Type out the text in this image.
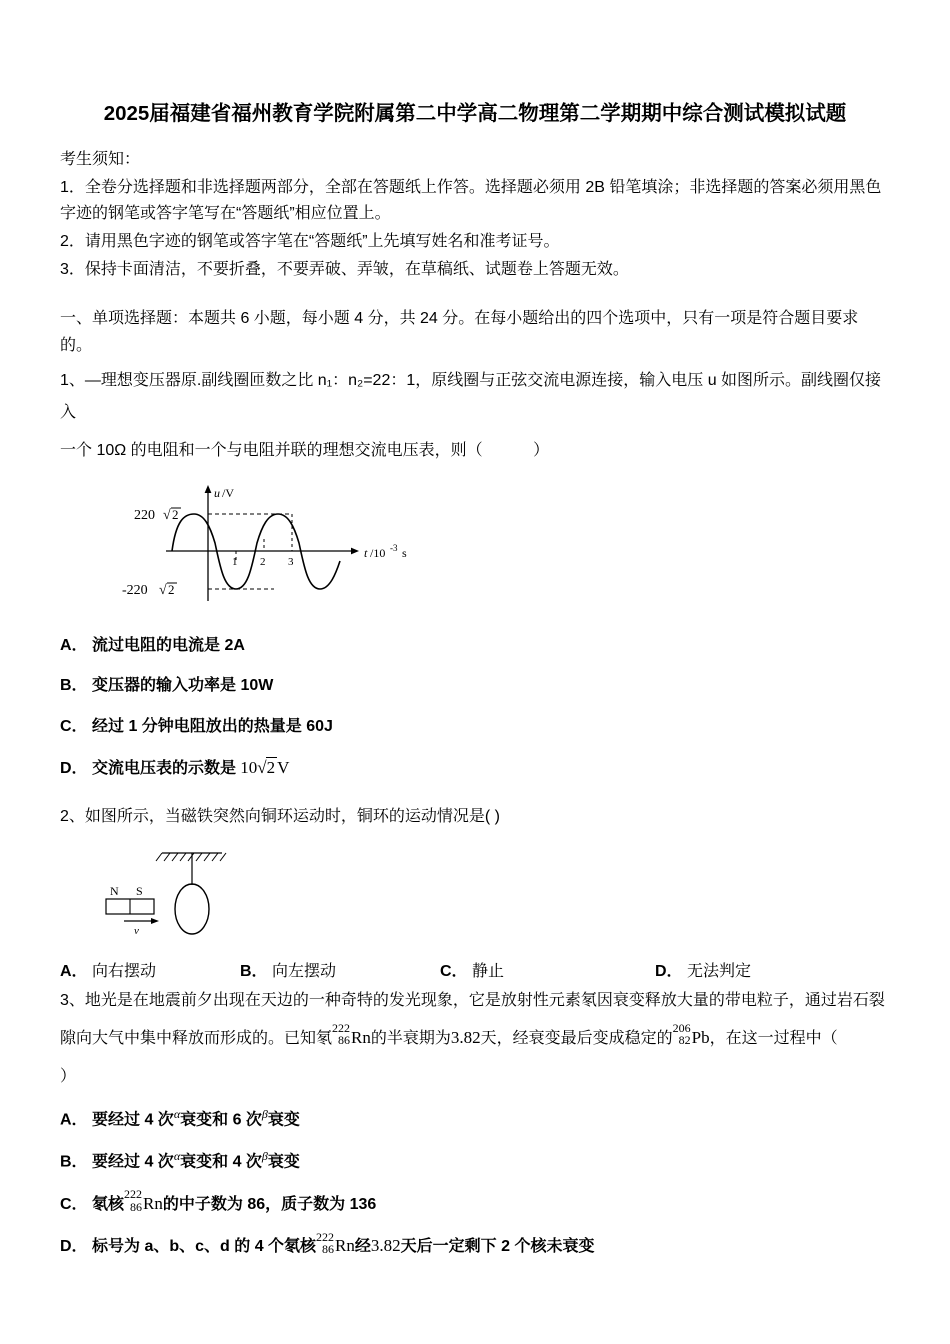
2025届福建省福州教育学院附属第二中学高二物理第二学期期中综合测试模拟试题
考生须知：
1．全卷分选择题和非选择题两部分，全部在答题纸上作答。选择题必须用 2B 铅笔填涂；非选择题的答案必须用黑色字迹的钢笔或答字笔写在“答题纸”相应位置上。
2．请用黑色字迹的钢笔或答字笔在“答题纸”上先填写姓名和准考证号。
3．保持卡面清洁，不要折叠，不要弄破、弄皱，在草稿纸、试题卷上答题无效。
一、单项选择题：本题共 6 小题，每小题 4 分，共 24 分。在每小题给出的四个选项中，只有一项是符合题目要求的。
1、—理想变压器原.副线圈匝数之比 n₁：n₂=22：1，原线圈与正弦交流电源连接，输入电压 u 如图所示。副线圈仅接入
一个 10Ω 的电阻和一个与电阻并联的理想交流电压表，则（	）
u /V
1 2 3
t /10 -3 s
220 √ 2
-220 √ 2
A． 流过电阻的电流是 2A
B． 变压器的输入功率是 10W
C． 经过 1 分钟电阻放出的热量是 60J
D． 交流电压表的示数是 10√2 V
2、如图所示，当磁铁突然向铜环运动时，铜环的运动情况是( )
N S
v
A． 向右摆动	B． 向左摆动	C． 静止	D． 无法判定
3、地光是在地震前夕出现在天边的一种奇特的发光现象，它是放射性元素氡因衰变释放大量的带电粒子，通过岩石裂
隙向大气中集中释放而形成的。已知氡222
86Rn的半衰期为3.82天，经衰变最后变成稳定的206
82Pb，在这一过程中（
）
A． 要经过 4 次$^\alpha$衰变和 6 次$^\beta$衰变
B． 要经过 4 次$^\alpha$衰变和 4 次$^\beta$衰变
C． 氡核222
86Rn的中子数为 86，质子数为 136
D． 标号为 a、b、c、d 的 4 个氡核222
86Rn经3.82天后一定剩下 2 个核未衰变
